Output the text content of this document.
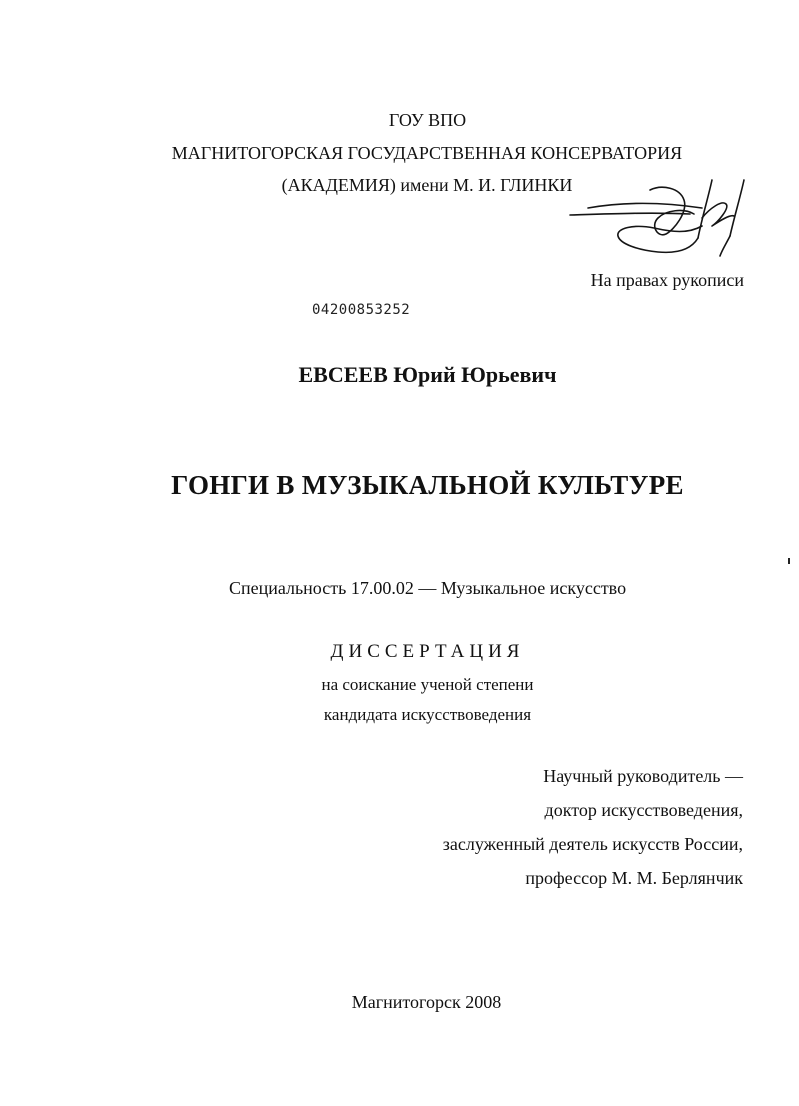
ГОУ ВПО
МАГНИТОГОРСКАЯ ГОСУДАРСТВЕННАЯ КОНСЕРВАТОРИЯ
(АКАДЕМИЯ) имени М. И. ГЛИНКИ
На правах рукописи
04200853252
ЕВСЕЕВ Юрий Юрьевич
ГОНГИ В МУЗЫКАЛЬНОЙ КУЛЬТУРЕ
Специальность 17.00.02 — Музыкальное искусство
ДИССЕРТАЦИЯ
на соискание ученой степени
кандидата искусствоведения
Научный руководитель —
доктор искусствоведения,
заслуженный деятель искусств России,
профессор М. М. Берлянчик
Магнитогорск 2008
